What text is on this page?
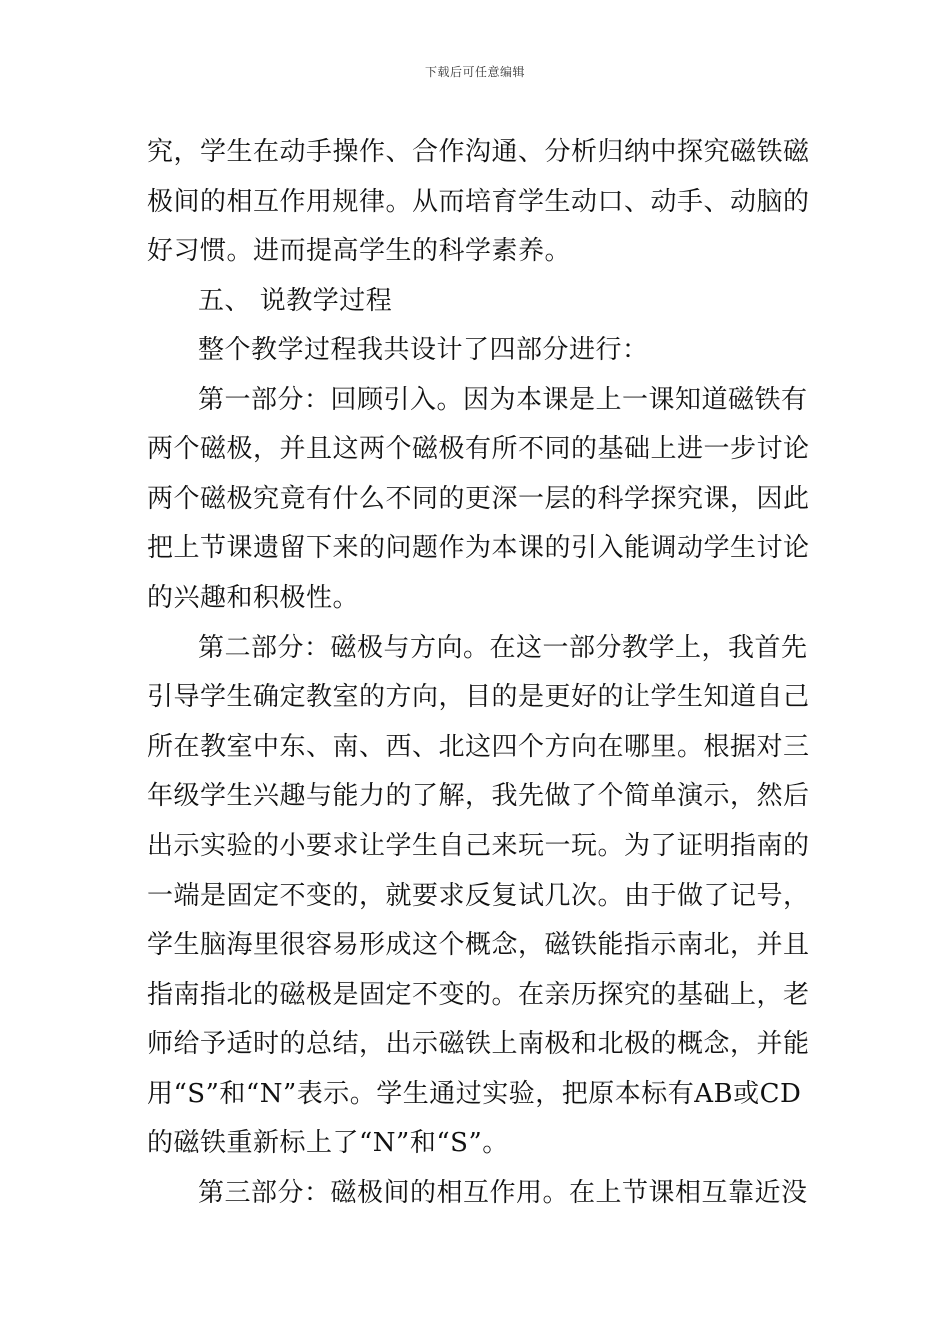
下载后可任意编辑
究，学生在动手操作、合作沟通、分析归纳中探究磁铁磁
极间的相互作用规律。从而培育学生动口、动手、动脑的
好习惯。进而提高学生的科学素养。
五、 说教学过程
整个教学过程我共设计了四部分进行：
第一部分：回顾引入。因为本课是上一课知道磁铁有
两个磁极，并且这两个磁极有所不同的基础上进一步讨论
两个磁极究竟有什么不同的更深一层的科学探究课，因此
把上节课遗留下来的问题作为本课的引入能调动学生讨论
的兴趣和积极性。
第二部分：磁极与方向。在这一部分教学上，我首先
引导学生确定教室的方向，目的是更好的让学生知道自己
所在教室中东、南、西、北这四个方向在哪里。根据对三
年级学生兴趣与能力的了解，我先做了个简单演示，然后
出示实验的小要求让学生自己来玩一玩。为了证明指南的
一端是固定不变的，就要求反复试几次。由于做了记号，
学生脑海里很容易形成这个概念，磁铁能指示南北，并且
指南指北的磁极是固定不变的。在亲历探究的基础上，老
师给予适时的总结，出示磁铁上南极和北极的概念，并能
用“S”和“N”表示。学生通过实验，把原本标有AB或CD
的磁铁重新标上了“N”和“S”。
第三部分：磁极间的相互作用。在上节课相互靠近没
